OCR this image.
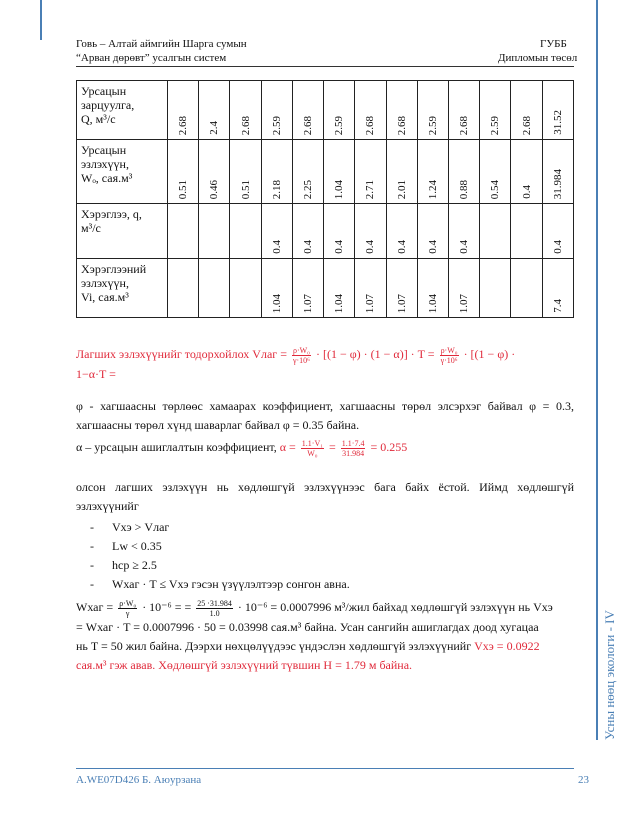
Говь – Алтай аймгийн Шарга сумын
“Арван дөрөвт” усалгын систем
ГУББ
Дипломын төсөл
Усны нөөц экологи - IV
Урсацын
зарцуулга,
Q, м³/с	2.68	2.4	2.68	2.59	2.68	2.59	2.68	2.68	2.59	2.68	2.59	2.68	31.52

Урсацын
эзлэхүүн,
Wₒ, сая.м³	0.51	0.46	0.51	2.18	2.25	1.04	2.71	2.01	1.24	0.88	0.54	0.4	31.984

Хэрэглээ, q,
м³/с				0.4	0.4	0.4	0.4	0.4	0.4	0.4			0.4

Хэрэглээний
эзлэхүүн,
Vi, сая.м³				1.04	1.07	1.04	1.07	1.07	1.04	1.07			7.4
Лагших эзлэхүүнийг тодорхойлох Vлаг = $\frac{\text{ρ·W₀}}{\text{γ·10⁶}} \cdot [(1 - \varphi) \cdot (1 - \alpha)] \cdot T = \frac{\text{ρ·W₀}}{\text{γ·10⁶}} \cdot [(1 - \varphi)$ ·
1−α·T =
φ - хагшаасны төрлөөс хамаарах коэффициент, хагшаасны төрөл элсэрхэг байвал φ = 0.3, хагшаасны төрөл хүнд шаварлаг байвал φ = 0.35 байна.
α – урсацын ашиглалтын коэффициент, $\alpha = \frac{\text{1.1·V₁}}{\text{W₀}} = \frac{1.1\cdot 7.4}{31.984} = 0.255$
олсон лагших эзлэхүүн нь хөдлөшгүй эзлэхүүнээс бага байх ёстой. Иймд хөдлөшгүй эзлэхүүнийг
- Vхэ > Vлаг
- Lw < 0.35
- hср ≥ 2.5
- Wхаг · T ≤ Vхэ гэсэн үзүүлэлтээр сонгон авна.
Wхаг = $\frac{\text{ρ·W₀}}{\gamma} \cdot 10^{-6}$ = = $\frac{25 \cdot 31.984}{1.0} \cdot 10^{-6} = 0.0007996$ м³/жил байхад хөдлөшгүй эзлэхүүн нь Vхэ
= Wхаг · T = 0.0007996 · 50 = 0.03998 сая.м³ байна. Усан сангийн ашиглагдах доод хугацаа
нь T = 50 жил байна. Дээрхи нөхцөлүүдээс үндэслэн хөдлөшгүй эзлэхүүнийг Vхэ = 0.0922
сая.м³ гэж авав. Хөдлөшгүй эзлэхүүний түвшин H = 1.79 м байна.
A.WE07D426 Б. Аюурзана	23
